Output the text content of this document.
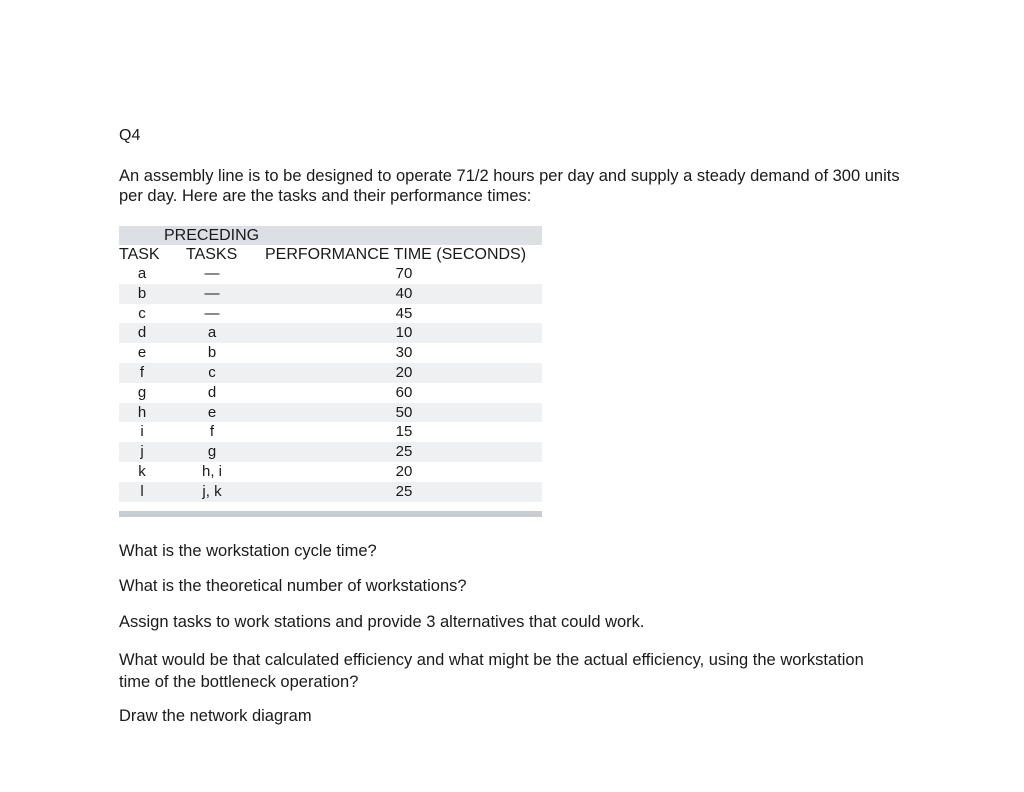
Q4

An assembly line is to be designed to operate 71/2 hours per day and supply a steady demand of 300 units per day. Here are the tasks and their performance times:

PRECEDING
TASK TASKS PERFORMANCE TIME (SECONDS)
a	—	70
b	—	40
c	—	45
d	a	10
e	b	30
f	c	20
g	d	60
h	e	50
i	f	15
j	g	25
k	h, i	20
l	j, k	25

What is the workstation cycle time?

What is the theoretical number of workstations?

Assign tasks to work stations and provide 3 alternatives that could work.

What would be that calculated efficiency and what might be the actual efficiency, using the workstation time of the bottleneck operation?

Draw the network diagram
